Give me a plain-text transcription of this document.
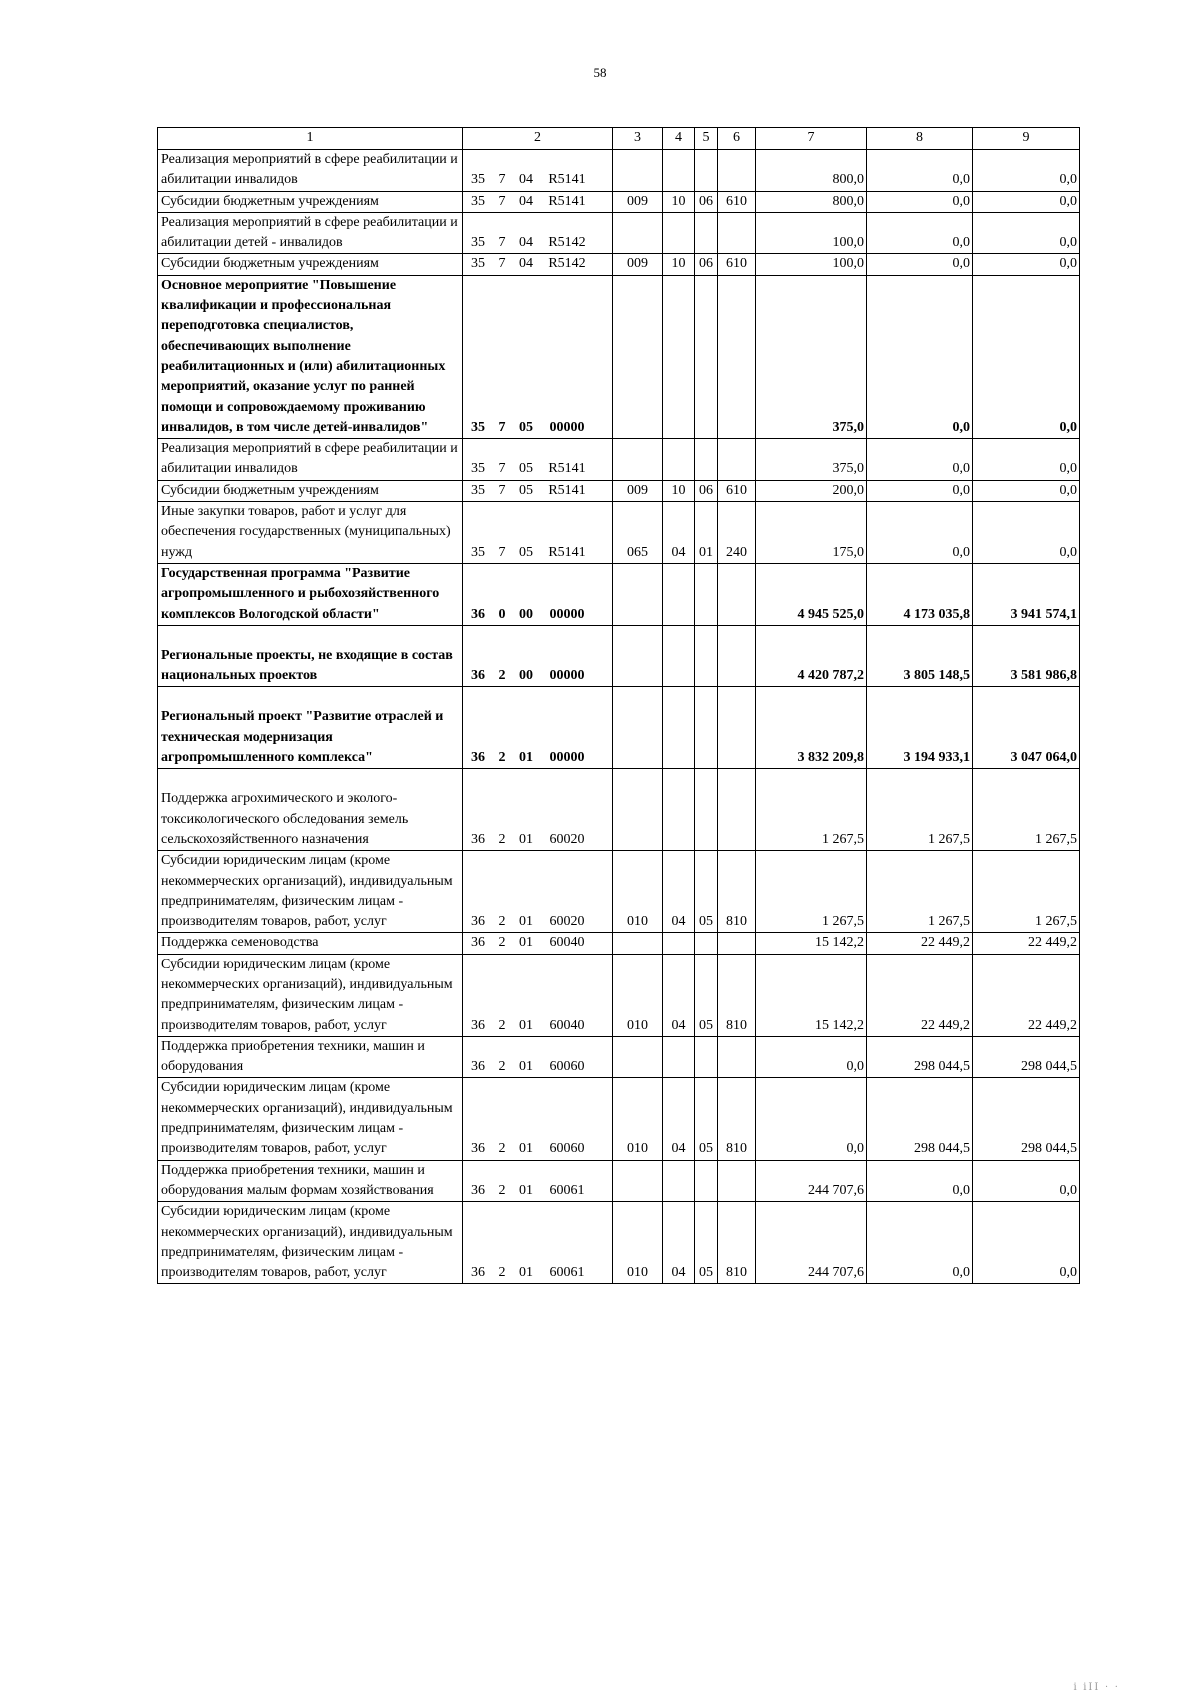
58
1	2	3	4	5	6	7	8	9
Реализация мероприятий в сфере реабилитации и абилитации инвалидов	35 7 04 R5141					800,0	0,0	0,0
Субсидии бюджетным учреждениям	35 7 04 R5141	009	10	06	610	800,0	0,0	0,0
Реализация мероприятий в сфере реабилитации и абилитации детей - инвалидов	35 7 04 R5142					100,0	0,0	0,0
Субсидии бюджетным учреждениям	35 7 04 R5142	009	10	06	610	100,0	0,0	0,0
Основное мероприятие "Повышение квалификации и профессиональная переподготовка специалистов, обеспечивающих выполнение реабилитационных и (или) абилитационных мероприятий, оказание услуг по ранней помощи и сопровождаемому проживанию инвалидов, в том числе детей-инвалидов"	35 7 05 00000					375,0	0,0	0,0
Реализация мероприятий в сфере реабилитации и абилитации инвалидов	35 7 05 R5141					375,0	0,0	0,0
Субсидии бюджетным учреждениям	35 7 05 R5141	009	10	06	610	200,0	0,0	0,0
Иные закупки товаров, работ и услуг для обеспечения государственных (муниципальных) нужд	35 7 05 R5141	065	04	01	240	175,0	0,0	0,0
Государственная программа "Развитие агропромышленного и рыбохозяйственного комплексов Вологодской области"	36 0 00 00000					4 945 525,0	4 173 035,8	3 941 574,1
Региональные проекты, не входящие в состав национальных проектов	36 2 00 00000					4 420 787,2	3 805 148,5	3 581 986,8
Региональный проект "Развитие отраслей и техническая модернизация агропромышленного комплекса"	36 2 01 00000					3 832 209,8	3 194 933,1	3 047 064,0
Поддержка агрохимического и эколого-токсикологического обследования земель сельскохозяйственного назначения	36 2 01 60020					1 267,5	1 267,5	1 267,5
Субсидии юридическим лицам (кроме некоммерческих организаций), индивидуальным предпринимателям, физическим лицам - производителям товаров, работ, услуг	36 2 01 60020	010	04	05	810	1 267,5	1 267,5	1 267,5
Поддержка семеноводства	36 2 01 60040					15 142,2	22 449,2	22 449,2
Субсидии юридическим лицам (кроме некоммерческих организаций), индивидуальным предпринимателям, физическим лицам - производителям товаров, работ, услуг	36 2 01 60040	010	04	05	810	15 142,2	22 449,2	22 449,2
Поддержка приобретения техники, машин и оборудования	36 2 01 60060					0,0	298 044,5	298 044,5
Субсидии юридическим лицам (кроме некоммерческих организаций), индивидуальным предпринимателям, физическим лицам - производителям товаров, работ, услуг	36 2 01 60060	010	04	05	810	0,0	298 044,5	298 044,5
Поддержка приобретения техники, машин и оборудования малым формам хозяйствования	36 2 01 60061					244 707,6	0,0	0,0
Субсидии юридическим лицам (кроме некоммерческих организаций), индивидуальным предпринимателям, физическим лицам - производителям товаров, работ, услуг	36 2 01 60061	010	04	05	810	244 707,6	0,0	0,0
ⅰ ⅰⅠⅠ · ·
